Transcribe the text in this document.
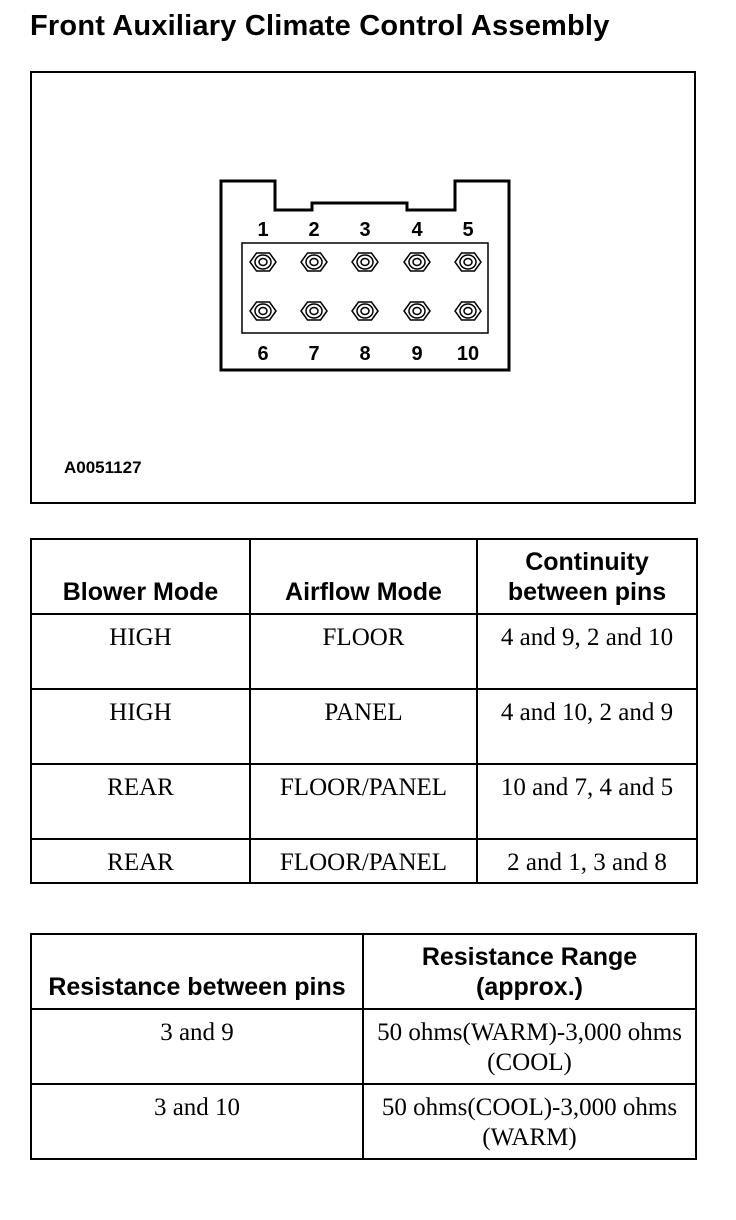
Front Auxiliary Climate Control Assembly
1 2 3 4 5
6 7 8 9 10
A0051127
Blower Mode	Airflow Mode	Continuity between pins
HIGH	FLOOR	4 and 9, 2 and 10
HIGH	PANEL	4 and 10, 2 and 9
REAR	FLOOR/PANEL	10 and 7, 4 and 5
REAR	FLOOR/PANEL	2 and 1, 3 and 8
Resistance between pins	Resistance Range (approx.)
3 and 9	50 ohms(WARM)-3,000 ohms (COOL)
3 and 10	50 ohms(COOL)-3,000 ohms (WARM)
